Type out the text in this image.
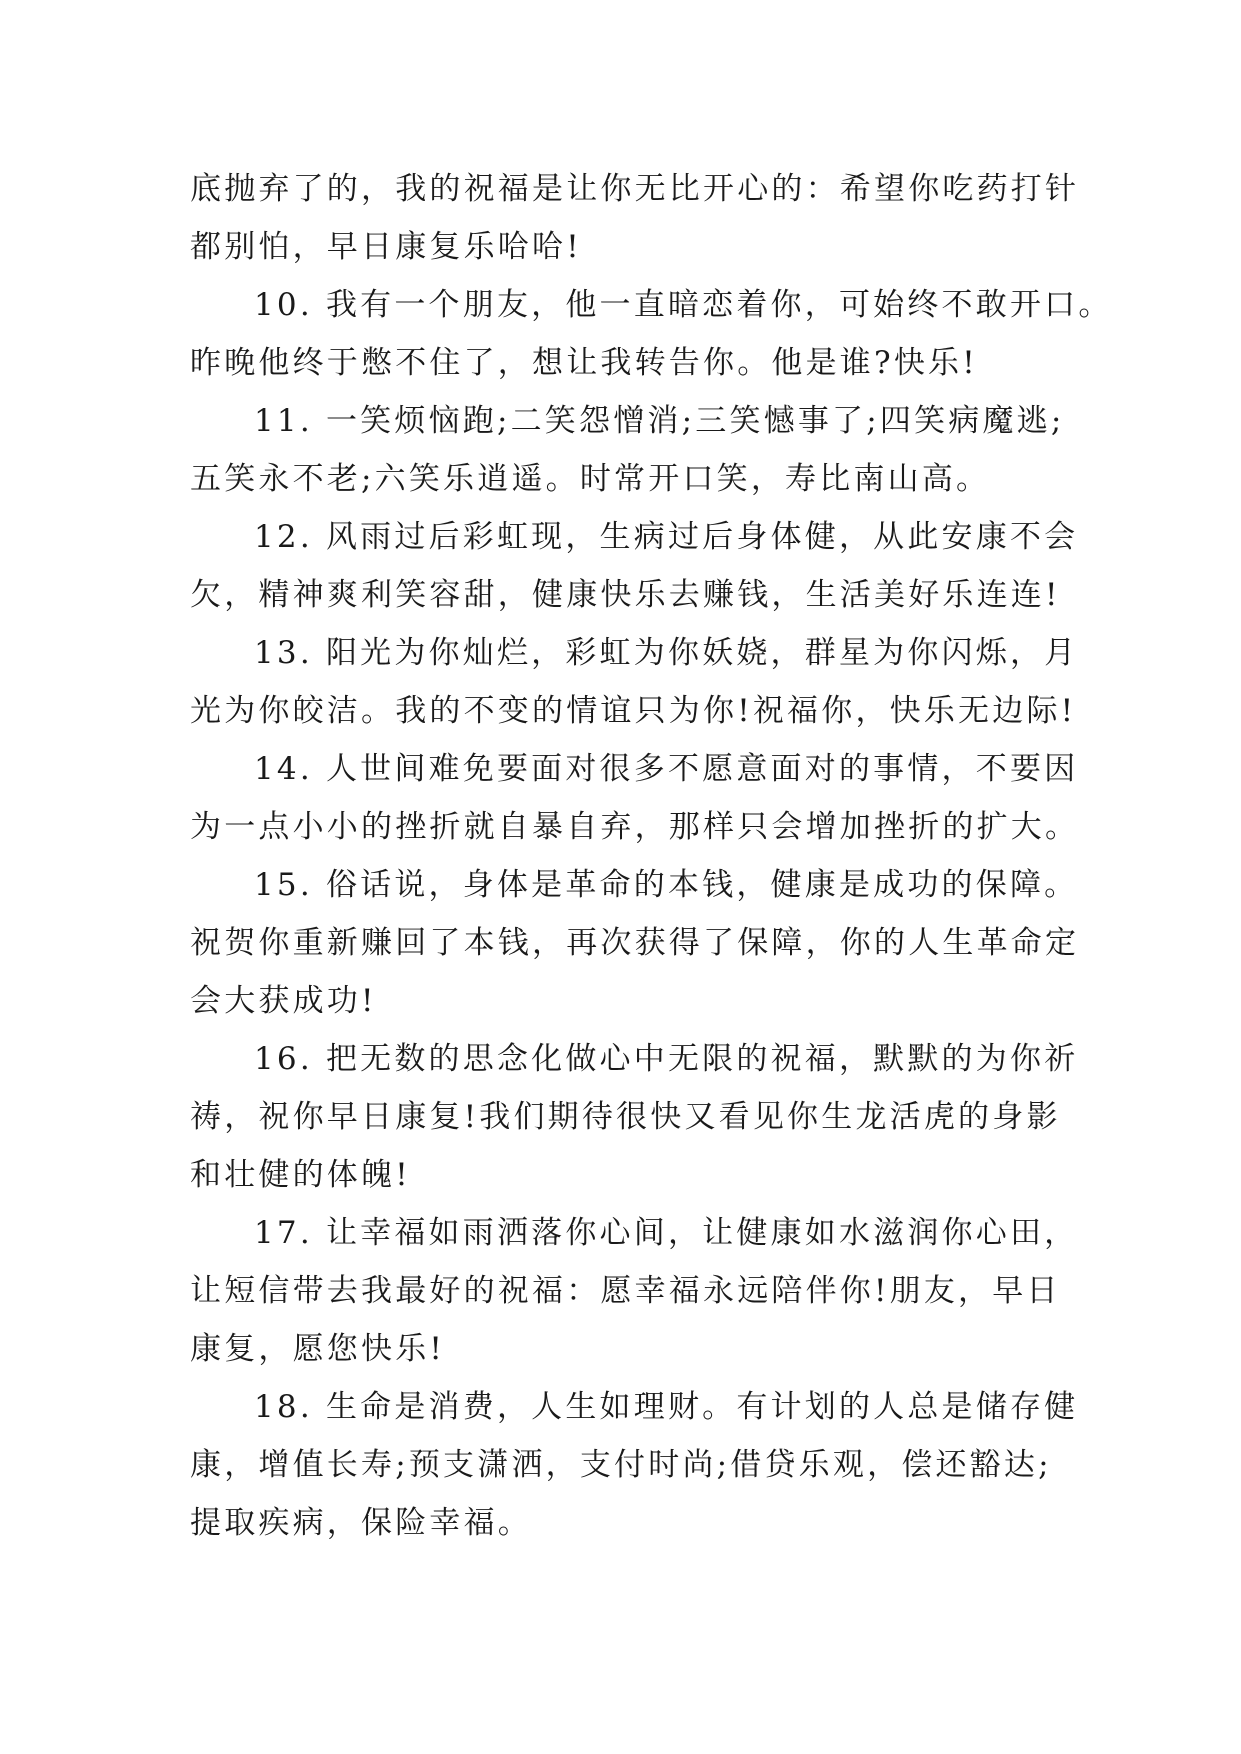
底抛弃了的，我的祝福是让你无比开心的：希望你吃药打针
都别怕，早日康复乐哈哈!
10. 我有一个朋友，他一直暗恋着你，可始终不敢开口。
昨晚他终于憋不住了，想让我转告你。他是谁?快乐!
11. 一笑烦恼跑;二笑怨憎消;三笑憾事了;四笑病魔逃;
五笑永不老;六笑乐逍遥。时常开口笑，寿比南山高。
12. 风雨过后彩虹现，生病过后身体健，从此安康不会
欠，精神爽利笑容甜，健康快乐去赚钱，生活美好乐连连!
13. 阳光为你灿烂，彩虹为你妖娆，群星为你闪烁，月
光为你皎洁。我的不变的情谊只为你!祝福你，快乐无边际!
14. 人世间难免要面对很多不愿意面对的事情，不要因
为一点小小的挫折就自暴自弃，那样只会增加挫折的扩大。
15. 俗话说，身体是革命的本钱，健康是成功的保障。
祝贺你重新赚回了本钱，再次获得了保障，你的人生革命定
会大获成功!
16. 把无数的思念化做心中无限的祝福，默默的为你祈
祷，祝你早日康复!我们期待很快又看见你生龙活虎的身影
和壮健的体魄!
17. 让幸福如雨洒落你心间，让健康如水滋润你心田，
让短信带去我最好的祝福：愿幸福永远陪伴你!朋友，早日
康复，愿您快乐!
18. 生命是消费，人生如理财。有计划的人总是储存健
康，增值长寿;预支潇洒，支付时尚;借贷乐观，偿还豁达;
提取疾病，保险幸福。
